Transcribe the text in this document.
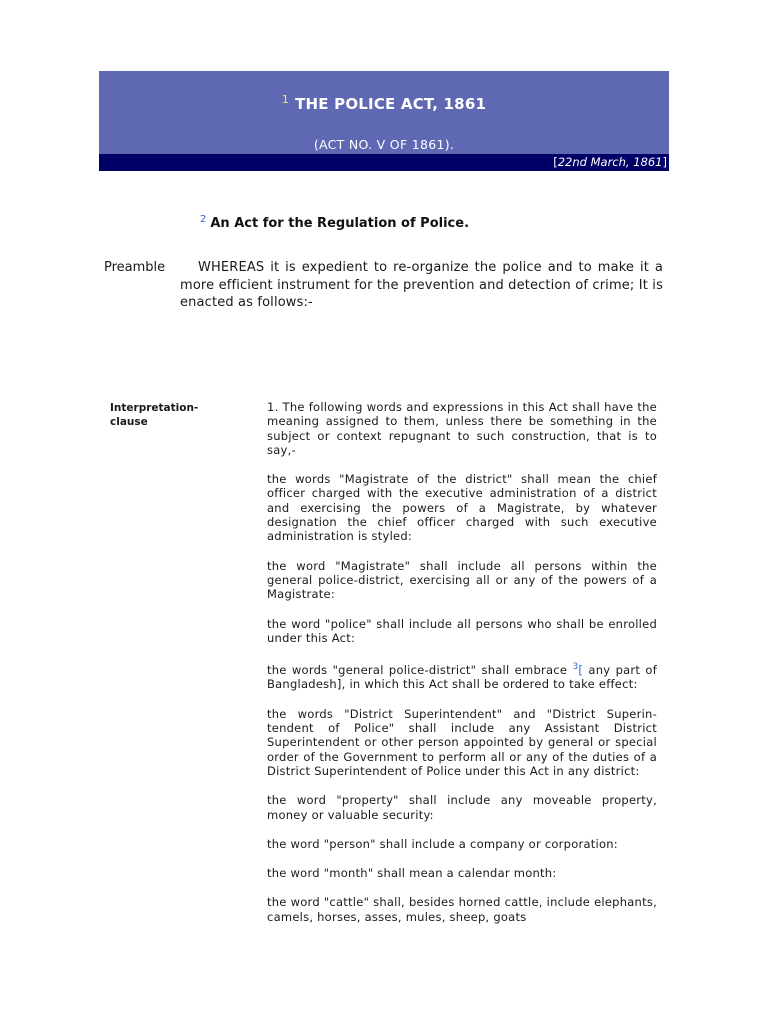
$^1$ THE POLICE ACT, 1861
(ACT NO. V OF 1861).
[22nd March, 1861]
$^2$ An Act for the Regulation of Police.
Preamble	WHEREAS it is expedient to re-organize the police and to make it a more efficient instrument for the prevention and detection of crime; It is enacted as follows:-
Interpretation-clause

1. The following words and expressions in this Act shall have the meaning assigned to them, unless there be something in the subject or context repugnant to such construction, that is to say,-

the words "Magistrate of the district" shall mean the chief officer charged with the executive administration of a district and exercising the powers of a Magistrate, by whatever designation the chief officer charged with such executive administration is styled:

the word "Magistrate" shall include all persons within the general police-district, exercising all or any of the powers of a Magistrate:

the word "police" shall include all persons who shall be enrolled under this Act:

the words "general police-district" shall embrace $^3$[ any part of Bangladesh], in which this Act shall be ordered to take effect:

the words "District Superintendent" and "District Superin-tendent of Police" shall include any Assistant District Superintendent or other person appointed by general or special order of the Government to perform all or any of the duties of a District Superintendent of Police under this Act in any district:

the word "property" shall include any moveable property, money or valuable security:

the word "person" shall include a company or corporation:

the word "month" shall mean a calendar month:

the word "cattle" shall, besides horned cattle, include elephants, camels, horses, asses, mules, sheep, goats
